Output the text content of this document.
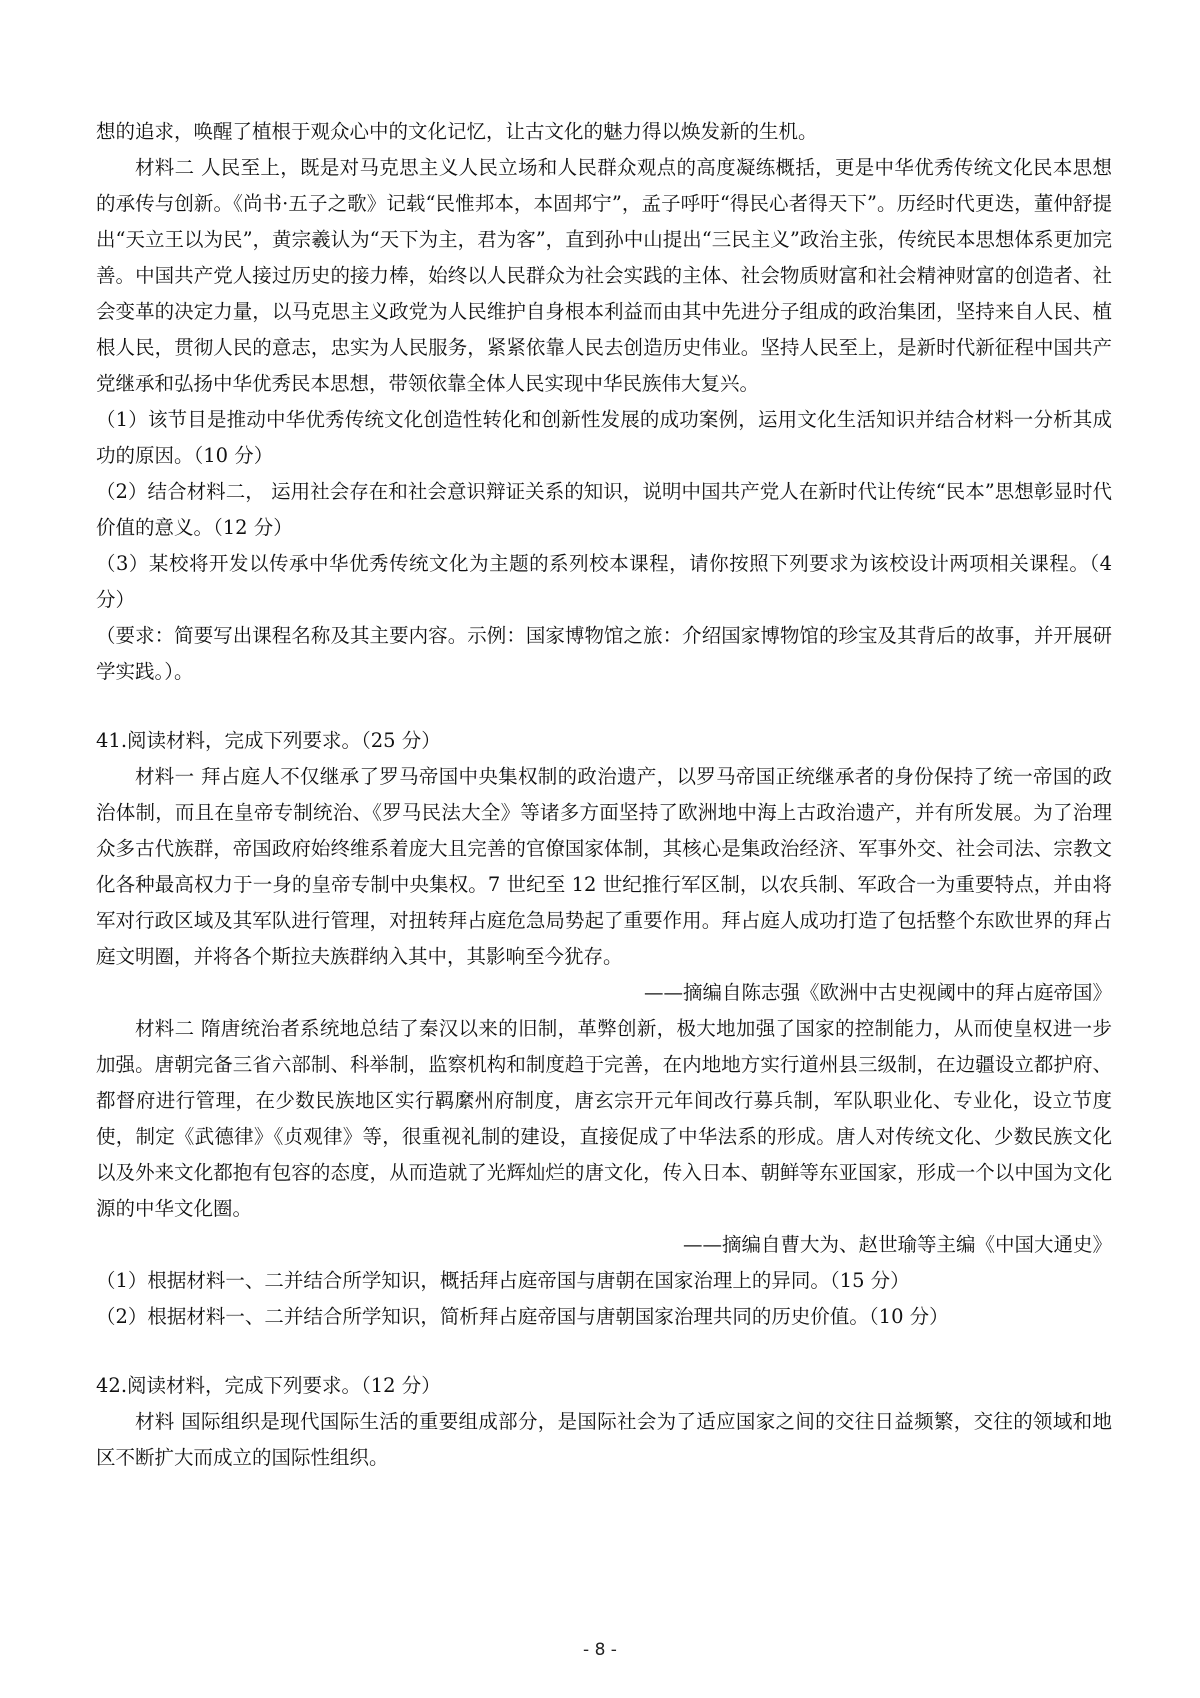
想的追求，唤醒了植根于观众心中的文化记忆，让古文化的魅力得以焕发新的生机。

材料二 人民至上，既是对马克思主义人民立场和人民群众观点的高度凝练概括，更是中华优秀传统文化民本思想的承传与创新。《尚书·五子之歌》记载“民惟邦本，本固邦宁”，孟子呼吁“得民心者得天下”。历经时代更迭，董仲舒提出“天立王以为民”，黄宗羲认为“天下为主，君为客”，直到孙中山提出“三民主义”政治主张，传统民本思想体系更加完善。中国共产党人接过历史的接力棒，始终以人民群众为社会实践的主体、社会物质财富和社会精神财富的创造者、社会变革的决定力量，以马克思主义政党为人民维护自身根本利益而由其中先进分子组成的政治集团，坚持来自人民、植根人民，贯彻人民的意志，忠实为人民服务，紧紧依靠人民去创造历史伟业。坚持人民至上，是新时代新征程中国共产党继承和弘扬中华优秀民本思想，带领依靠全体人民实现中华民族伟大复兴。

（1）该节目是推动中华优秀传统文化创造性转化和创新性发展的成功案例，运用文化生活知识并结合材料一分析其成功的原因。（10 分）

（2）结合材料二， 运用社会存在和社会意识辩证关系的知识，说明中国共产党人在新时代让传统“民本”思想彰显时代价值的意义。（12 分）

（3）某校将开发以传承中华优秀传统文化为主题的系列校本课程，请你按照下列要求为该校设计两项相关课程。（4 分）

（要求：简要写出课程名称及其主要内容。示例：国家博物馆之旅：介绍国家博物馆的珍宝及其背后的故事，并开展研学实践。）。

41.阅读材料，完成下列要求。（25 分）

材料一 拜占庭人不仅继承了罗马帝国中央集权制的政治遗产，以罗马帝国正统继承者的身份保持了统一帝国的政治体制，而且在皇帝专制统治、《罗马民法大全》等诸多方面坚持了欧洲地中海上古政治遗产，并有所发展。为了治理众多古代族群，帝国政府始终维系着庞大且完善的官僚国家体制，其核心是集政治经济、军事外交、社会司法、宗教文化各种最高权力于一身的皇帝专制中央集权。7 世纪至 12 世纪推行军区制，以农兵制、军政合一为重要特点，并由将军对行政区域及其军队进行管理，对扭转拜占庭危急局势起了重要作用。拜占庭人成功打造了包括整个东欧世界的拜占庭文明圈，并将各个斯拉夫族群纳入其中，其影响至今犹存。

——摘编自陈志强《欧洲中古史视阈中的拜占庭帝国》

材料二 隋唐统治者系统地总结了秦汉以来的旧制，革弊创新，极大地加强了国家的控制能力，从而使皇权进一步加强。唐朝完备三省六部制、科举制，监察机构和制度趋于完善，在内地地方实行道州县三级制，在边疆设立都护府、都督府进行管理，在少数民族地区实行羁縻州府制度，唐玄宗开元年间改行募兵制，军队职业化、专业化，设立节度使，制定《武德律》《贞观律》等，很重视礼制的建设，直接促成了中华法系的形成。唐人对传统文化、少数民族文化以及外来文化都抱有包容的态度，从而造就了光辉灿烂的唐文化，传入日本、朝鲜等东亚国家，形成一个以中国为文化源的中华文化圈。

——摘编自曹大为、赵世瑜等主编《中国大通史》

（1）根据材料一、二并结合所学知识，概括拜占庭帝国与唐朝在国家治理上的异同。（15 分）

（2）根据材料一、二并结合所学知识，简析拜占庭帝国与唐朝国家治理共同的历史价值。（10 分）

42.阅读材料，完成下列要求。（12 分）

材料 国际组织是现代国际生活的重要组成部分，是国际社会为了适应国家之间的交往日益频繁，交往的领域和地区不断扩大而成立的国际性组织。

- 8 -
